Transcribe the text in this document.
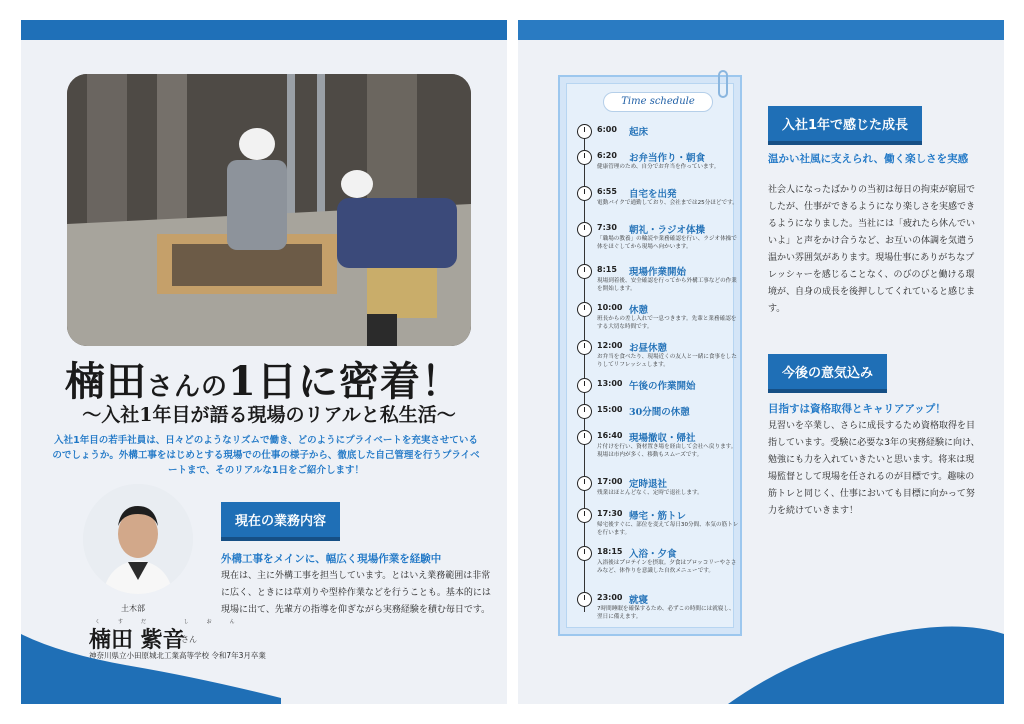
楠田さんの1日に密着！
〜入社1年目が語る現場のリアルと私生活〜
入社1年目の若手社員は、日々どのようなリズムで働き、どのようにプライベートを充実させているのでしょうか。外構工事をはじめとする現場での仕事の様子から、徹底した自己管理を行うプライベートまで、そのリアルな1日をご紹介します！
土木部
くすだ	しおん
楠田 紫音
さん
神奈川県立小田原城北工業高等学校 令和7年3月卒業
現在の業務内容
外構工事をメインに、幅広く現場作業を経験中
現在は、主に外構工事を担当しています。とはいえ業務範囲は非常に広く、ときには草刈りや型枠作業などを行うことも。基本的には現場に出て、先輩方の指導を仰ぎながら実務経験を積む毎日です。
Time schedule
6:00 起床
6:20 お弁当作り・朝食
健康管理のため、自分でお弁当を作っています。
6:55 自宅を出発
電動バイクで通勤しており、会社までは25分ほどです。
7:30 朝礼・ラジオ体操
「職場の教養」の輪読や業務確認を行い、ラジオ体操で体をほぐしてから現場へ向かいます。
8:15 現場作業開始
現場到着後、安全確認を行ってから外構工事などの作業を開始します。
10:00 休憩
班長からの差し入れで一息つきます。先輩と業務確認をする大切な時間です。
12:00 お昼休憩
お弁当を食べたり、現場近くの友人と一緒に食事をしたりしてリフレッシュします。
13:00 午後の作業開始
15:00 30分間の休憩
16:40 現場撤収・帰社
片付けを行い、資材置き場を経由して会社へ戻ります。現場は市内が多く、移動もスムーズです。
17:00 定時退社
残業はほとんどなく、定時で退社します。
17:30 帰宅・筋トレ
帰宅後すぐに、部位を変えて毎日30分間、本気の筋トレを行います。
18:15 入浴・夕食
入浴後はプロテインを摂取。夕食はブロッコリーやささみなど、体作りを意識した自炊メニューです。
23:00 就寝
7時間睡眠を確保するため、必ずこの時間には就寝し、翌日に備えます。
入社1年で感じた成長
温かい社風に支えられ、働く楽しさを実感
社会人になったばかりの当初は毎日の拘束が窮屈でしたが、仕事ができるようになり楽しさを実感できるようになりました。当社には「疲れたら休んでいいよ」と声をかけ合うなど、お互いの体調を気遣う温かい雰囲気があります。現場仕事にありがちなプレッシャーを感じることなく、のびのびと働ける環境が、自身の成長を後押ししてくれていると感じます。
今後の意気込み
目指すは資格取得とキャリアアップ！
見習いを卒業し、さらに成長するため資格取得を目指しています。受験に必要な3年の実務経験に向け、勉強にも力を入れていきたいと思います。将来は現場監督として現場を任されるのが目標です。趣味の筋トレと同じく、仕事においても目標に向かって努力を続けていきます！
